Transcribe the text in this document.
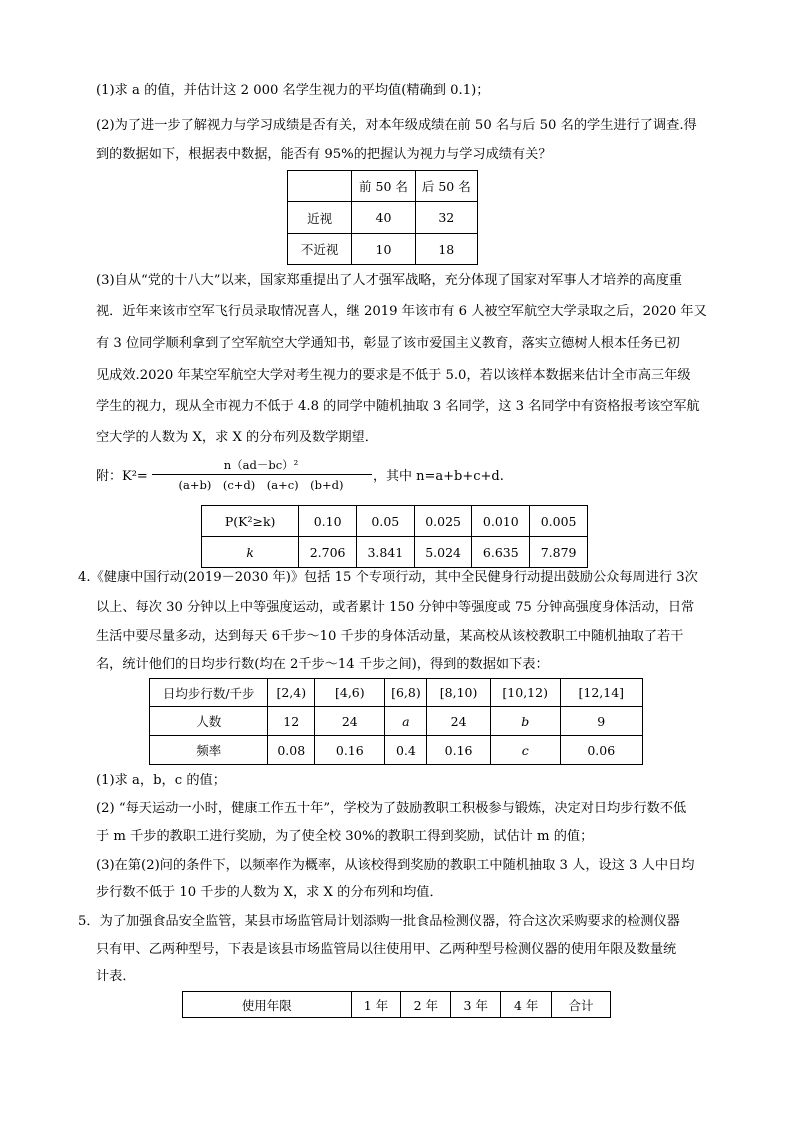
(1)求 a 的值，并估计这 2 000 名学生视力的平均值(精确到 0.1)；
(2)为了进一步了解视力与学习成绩是否有关，对本年级成绩在前 50 名与后 50 名的学生进行了调查.得
到的数据如下，根据表中数据，能否有 95%的把握认为视力与学习成绩有关？
	前 50 名	后 50 名
近视	40	32
不近视	10	18
(3)自从“党的十八大”以来，国家郑重提出了人才强军战略，充分体现了国家对军事人才培养的高度重
视．近年来该市空军飞行员录取情况喜人，继 2019 年该市有 6 人被空军航空大学录取之后，2020 年又
有 3 位同学顺利拿到了空军航空大学通知书，彰显了该市爱国主义教育，落实立德树人根本任务已初
见成效.2020 年某空军航空大学对考生视力的要求是不低于 5.0，若以该样本数据来估计全市高三年级
学生的视力，现从全市视力不低于 4.8 的同学中随机抽取 3 名同学，这 3 名同学中有资格报考该空军航
空大学的人数为 X，求 X 的分布列及数学期望．
附：K²=
n（ad－bc）²
(a+b)　(c+d)　(a+c)　(b+d)
，其中 n=a+b+c+d.
P(K²≥k)	0.10	0.05	0.025	0.010	0.005
k	2.706	3.841	5.024	6.635	7.879
4.《健康中国行动(2019－2030 年)》包括 15 个专项行动，其中全民健身行动提出鼓励公众每周进行 3次
以上、每次 30 分钟以上中等强度运动，或者累计 150 分钟中等强度或 75 分钟高强度身体活动，日常
生活中要尽量多动，达到每天 6千步～10 千步的身体活动量，某高校从该校教职工中随机抽取了若干
名，统计他们的日均步行数(均在 2千步～14 千步之间)，得到的数据如下表：
日均步行数/千步	[2,4)	[4,6)	[6,8)	[8,10)	[10,12)	[12,14]
人数	12	24	a	24	b	9
频率	0.08	0.16	0.4	0.16	c	0.06
(1)求 a，b，c 的值；
(2) “每天运动一小时，健康工作五十年”，学校为了鼓励教职工积极参与锻炼，决定对日均步行数不低
于 m 千步的教职工进行奖励，为了使全校 30%的教职工得到奖励，试估计 m 的值；
(3)在第(2)问的条件下，以频率作为概率，从该校得到奖励的教职工中随机抽取 3 人，设这 3 人中日均
步行数不低于 10 千步的人数为 X，求 X 的分布列和均值．
5．为了加强食品安全监管，某县市场监管局计划添购一批食品检测仪器，符合这次采购要求的检测仪器
只有甲、乙两种型号，下表是该县市场监管局以往使用甲、乙两种型号检测仪器的使用年限及数量统
计表．
使用年限	1 年	2 年	3 年	4 年	合计
